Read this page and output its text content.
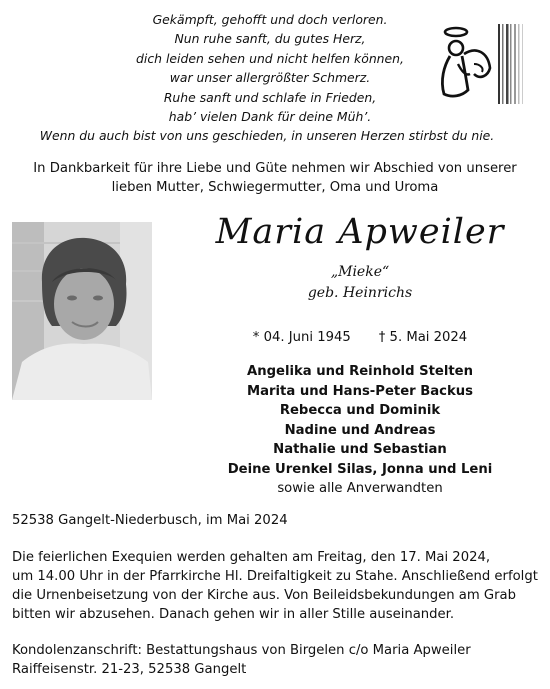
Gekämpft, gehofft und doch verloren.
Nun ruhe sanft, du gutes Herz,
dich leiden sehen und nicht helfen können,
war unser allergrößter Schmerz.
Ruhe sanft und schlafe in Frieden,
hab’ vielen Dank für deine Müh’.
Wenn du auch bist von uns geschieden, in unseren Herzen stirbst du nie.
In Dankbarkeit für ihre Liebe und Güte nehmen wir Abschied von unserer
lieben Mutter, Schwiegermutter, Oma und Uroma
Maria Apweiler
„Mieke“
geb. Heinrichs
* 04. Juni 1945 † 5. Mai 2024
Angelika und Reinhold Stelten
Marita und Hans-Peter Backus
Rebecca und Dominik
Nadine und Andreas
Nathalie und Sebastian
Deine Urenkel Silas, Jonna und Leni
sowie alle Anverwandten
52538 Gangelt-Niederbusch, im Mai 2024
Die feierlichen Exequien werden gehalten am Freitag, den 17. Mai 2024,
um 14.00 Uhr in der Pfarrkirche Hl. Dreifaltigkeit zu Stahe. Anschließend erfolgt
die Urnenbeisetzung von der Kirche aus. Von Beileidsbekundungen am Grab
bitten wir abzusehen. Danach gehen wir in aller Stille auseinander.
Kondolenzanschrift: Bestattungshaus von Birgelen c/o Maria Apweiler
Raiffeisenstr. 21-23, 52538 Gangelt
